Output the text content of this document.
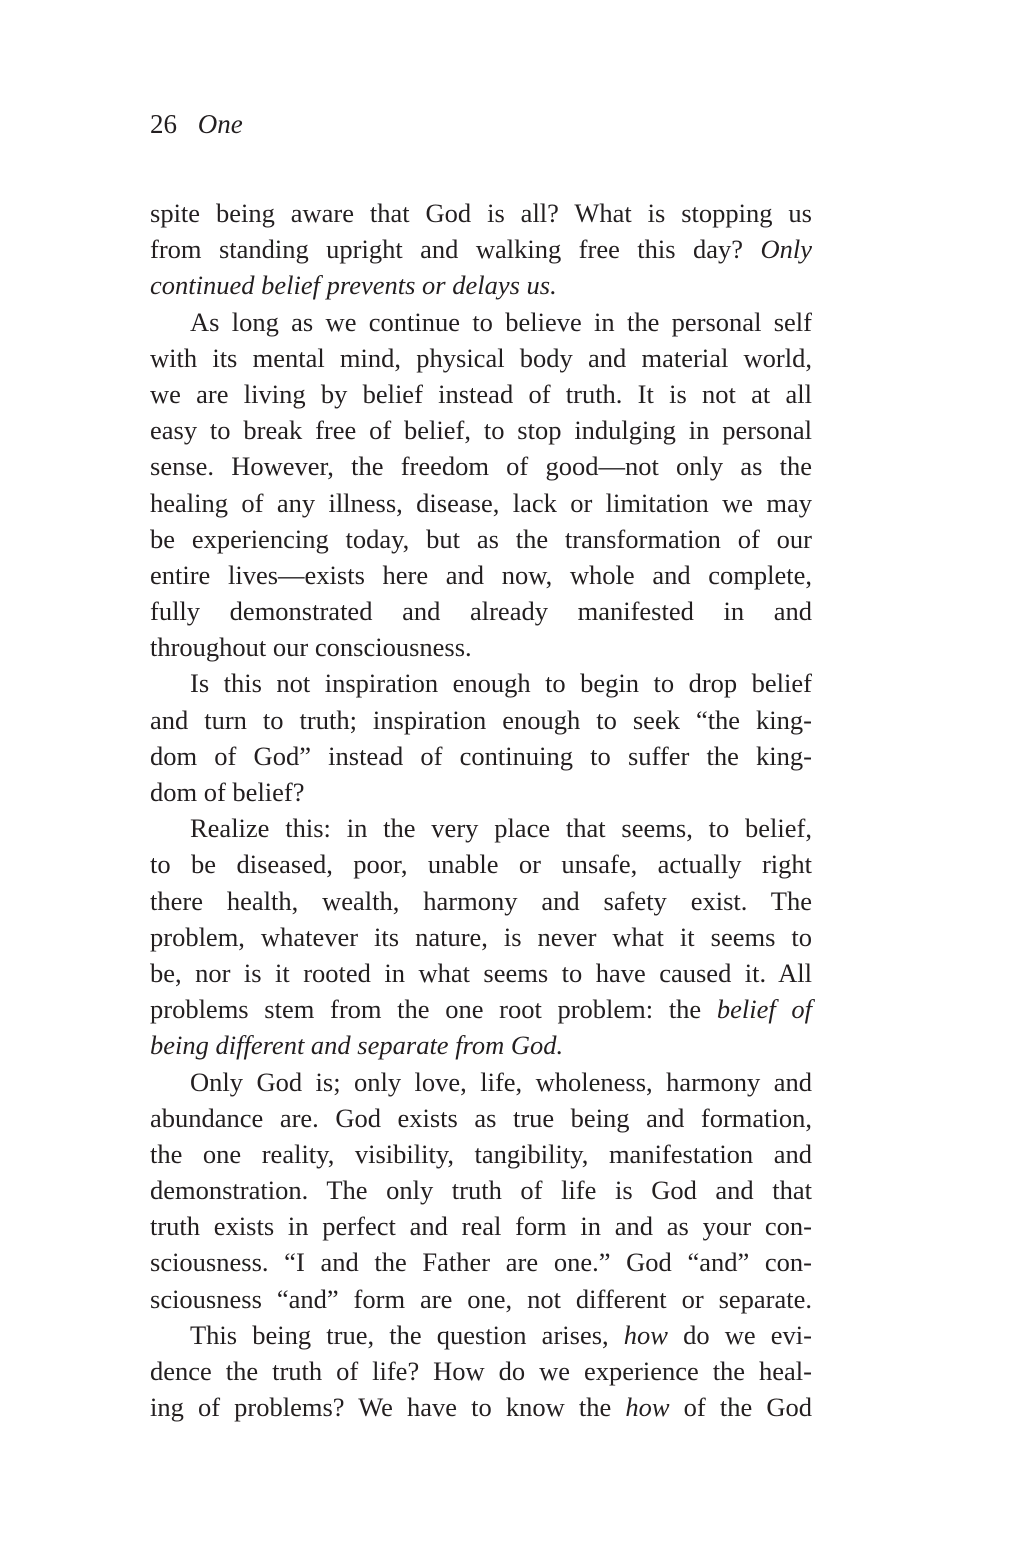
26 One
spite being aware that God is all? What is stopping us
from standing upright and walking free this day? Only
continued belief prevents or delays us.
As long as we continue to believe in the personal self
with its mental mind, physical body and material world,
we are living by belief instead of truth. It is not at all
easy to break free of belief, to stop indulging in personal
sense. However, the freedom of good—not only as the
healing of any illness, disease, lack or limitation we may
be experiencing today, but as the transformation of our
entire lives—exists here and now, whole and complete,
fully demonstrated and already manifested in and
throughout our consciousness.
Is this not inspiration enough to begin to drop belief
and turn to truth; inspiration enough to seek “the king-
dom of God” instead of continuing to suffer the king-
dom of belief?
Realize this: in the very place that seems, to belief,
to be diseased, poor, unable or unsafe, actually right
there health, wealth, harmony and safety exist. The
problem, whatever its nature, is never what it seems to
be, nor is it rooted in what seems to have caused it. All
problems stem from the one root problem: the belief of
being different and separate from God.
Only God is; only love, life, wholeness, harmony and
abundance are. God exists as true being and formation,
the one reality, visibility, tangibility, manifestation and
demonstration. The only truth of life is God and that
truth exists in perfect and real form in and as your con-
sciousness. “I and the Father are one.” God “and” con-
sciousness “and” form are one, not different or separate.
This being true, the question arises, how do we evi-
dence the truth of life? How do we experience the heal-
ing of problems? We have to know the how of the God
